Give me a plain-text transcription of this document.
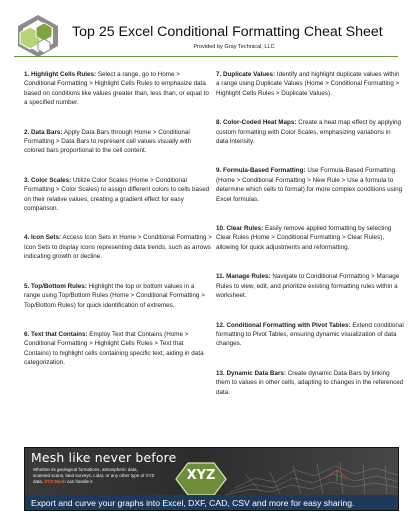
Top 25 Excel Conditional Formatting Cheat Sheet
Provided by Gray Technical, LLC

1. Highlight Cells Rules: Select a range, go to Home > Conditional Formatting > Highlight Cells Rules to emphasize data based on conditions like values greater than, less than, or equal to a specified number.

2. Data Bars: Apply Data Bars through Home > Conditional Formatting > Data Bars to represent cell values visually with colored bars proportional to the cell content.

3. Color Scales: Utilize Color Scales (Home > Conditional Formatting > Color Scales) to assign different colors to cells based on their relative values, creating a gradient effect for easy comparison.

4. Icon Sets: Access Icon Sets in Home > Conditional Formatting > Icon Sets to display icons representing data trends, such as arrows indicating growth or decline.

5. Top/Bottom Rules: Highlight the top or bottom values in a range using Top/Bottom Rules (Home > Conditional Formatting > Top/Bottom Rules) for quick identification of extremes.

6. Text that Contains: Employ Text that Contains (Home > Conditional Formatting > Highlight Cells Rules > Text that Contains) to highlight cells containing specific text, aiding in data categorization.

7. Duplicate Values: Identify and highlight duplicate values within a range using Duplicate Values (Home > Conditional Formatting > Highlight Cells Rules > Duplicate Values).

8. Color-Coded Heat Maps: Create a heat map effect by applying custom formatting with Color Scales, emphasizing variations in data intensity.

9. Formula-Based Formatting: Use Formula-Based Formatting (Home > Conditional Formatting > New Rule > Use a formula to determine which cells to format) for more complex conditions using Excel formulas.

10. Clear Rules: Easily remove applied formatting by selecting Clear Rules (Home > Conditional Formatting > Clear Rules), allowing for quick adjustments and reformatting.

11. Manage Rules: Navigate to Conditional Formatting > Manage Rules to view, edit, and prioritize existing formatting rules within a worksheet.

12. Conditional Formatting with Pivot Tables: Extend conditional formatting to Pivot Tables, ensuring dynamic visualization of data changes.

13. Dynamic Data Bars: Create dynamic Data Bars by linking them to values in other cells, adapting to changes in the referenced data.

Mesh like never before
Whether its geological formations, atmospheric data, scanned scans, land surveys, Lidar, or any other type of XYZ data, XYZ Mesh can handle it	XYZ
Export and curve your graphs into Excel, DXF, CAD, CSV and more for easy sharing.
